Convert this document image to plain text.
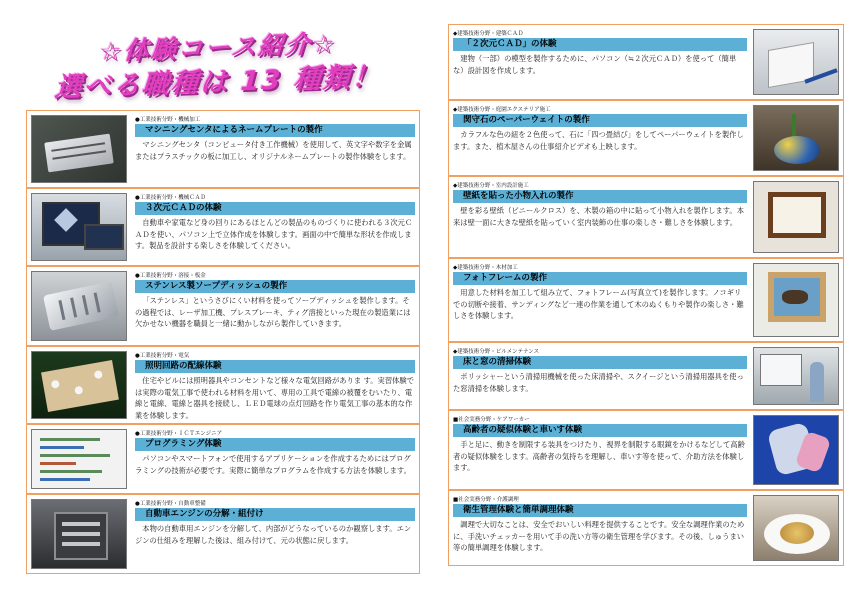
☆体験コース紹介☆
選べる職種は 13 種類！
●工業技術分野・機械加工
マシニングセンタによるネームプレートの製作
マシニングセンタ（コンピュータ付き工作機械）を使用して、英文字や数字を金属またはプラスチックの板に加工し、オリジナルネームプレートの製作体験をします。
●工業技術分野・機械ＣＡＤ
３次元ＣＡＤの体験
自動車や家電など身の回りにあるほとんどの製品のものづくりに使われる３次元ＣＡＤを使い、パソコン上で立体作成を体験します。画面の中で簡単な形状を作成します。製品を設計する楽しさを体験してください。
●工業技術分野・溶接・板金
ステンレス製ソープディッシュの製作
「ステンレス」というさびにくい材料を使ってソープディッシュを製作します。その過程では、レーザ加工機、プレスブレーキ、ティグ溶接といった現在の製造業には欠かせない機器を職員と一緒に動かしながら製作していきます。
●工業技術分野・電気
照明回路の配線体験
住宅やビルには照明器具やコンセントなど様々な電気回路がありま す。実習体験では実際の電気工事で使われる材料を用いて、専用の工具で電線の被覆をむいたり、電線と電線、電線と器具を接続し、ＬＥＤ電球の点灯回路を作り電気工事の基本的な作業を体験します。
●工業技術分野・ＩＣＴエンジニア
プログラミング体験
パソコンやスマートフォンで使用するアプリケーションを作成するためにはプログラミングの技術が必要です。実際に簡単なプログラムを作成する方法を体験します。
●工業技術分野・自動車整備
自動車エンジンの分解・組付け
本物の自動車用エンジンを分解して、内部がどうなっているのか観察します。エンジンの仕組みを理解した後は、組み付けて、元の状態に戻します。
◆建築技術分野・建築ＣＡＤ
「２次元ＣＡＤ」の体験
建物（一部）の模型を製作するために、パソコン（≒２次元ＣＡＤ）を使って（簡単な）設計図を作成します。
◆建築技術分野・庭園エクステリア施工
関守石のペーパーウェイトの製作
カラフルな色の紐を２色使って、石に「四つ畳結び」をしてペーパーウェイトを製作します。また、植木屋さんの仕事紹介ビデオも上映します。
◆建築技術分野・室内設計施工
壁紙を貼った小物入れの製作
壁を彩る壁紙（ビニールクロス）を、木製の箱の中に貼って小物入れを製作します。本来は壁一面に大きな壁紙を貼っていく室内装飾の仕事の楽しさ・難しさを体験します。
◆建築技術分野・木材加工
フォトフレームの製作
用意した材料を加工して組み立て、フォトフレーム(写真立て)を製作します。ノコギリでの切断や接着、サンディングなど一連の作業を通して木のぬくもりや製作の楽しさ・難しさを体験します。
◆建築技術分野・ビルメンテナンス
床と窓の清掃体験
ポリッシャーという清掃用機械を使った床清掃や、スクイージという清掃用器具を使った窓清掃を体験します。
■社会実務分野・ケアワーカー
高齢者の疑似体験と車いす体験
手と足に、動きを制限する装具をつけたり、視界を制限する眼鏡をかけるなどして高齢者の疑似体験をします。高齢者の気持ちを理解し、車いす等を使って、介助方法を体験します。
■社会実務分野・介護調理
衛生管理体験と簡単調理体験
調理で大切なことは、安全でおいしい料理を提供することです。安全な調理作業のために、手洗いチェッカーを用いて手の洗い方等の衛生管理を学びます。その後、しゅうまい等の簡単調理を体験します。
